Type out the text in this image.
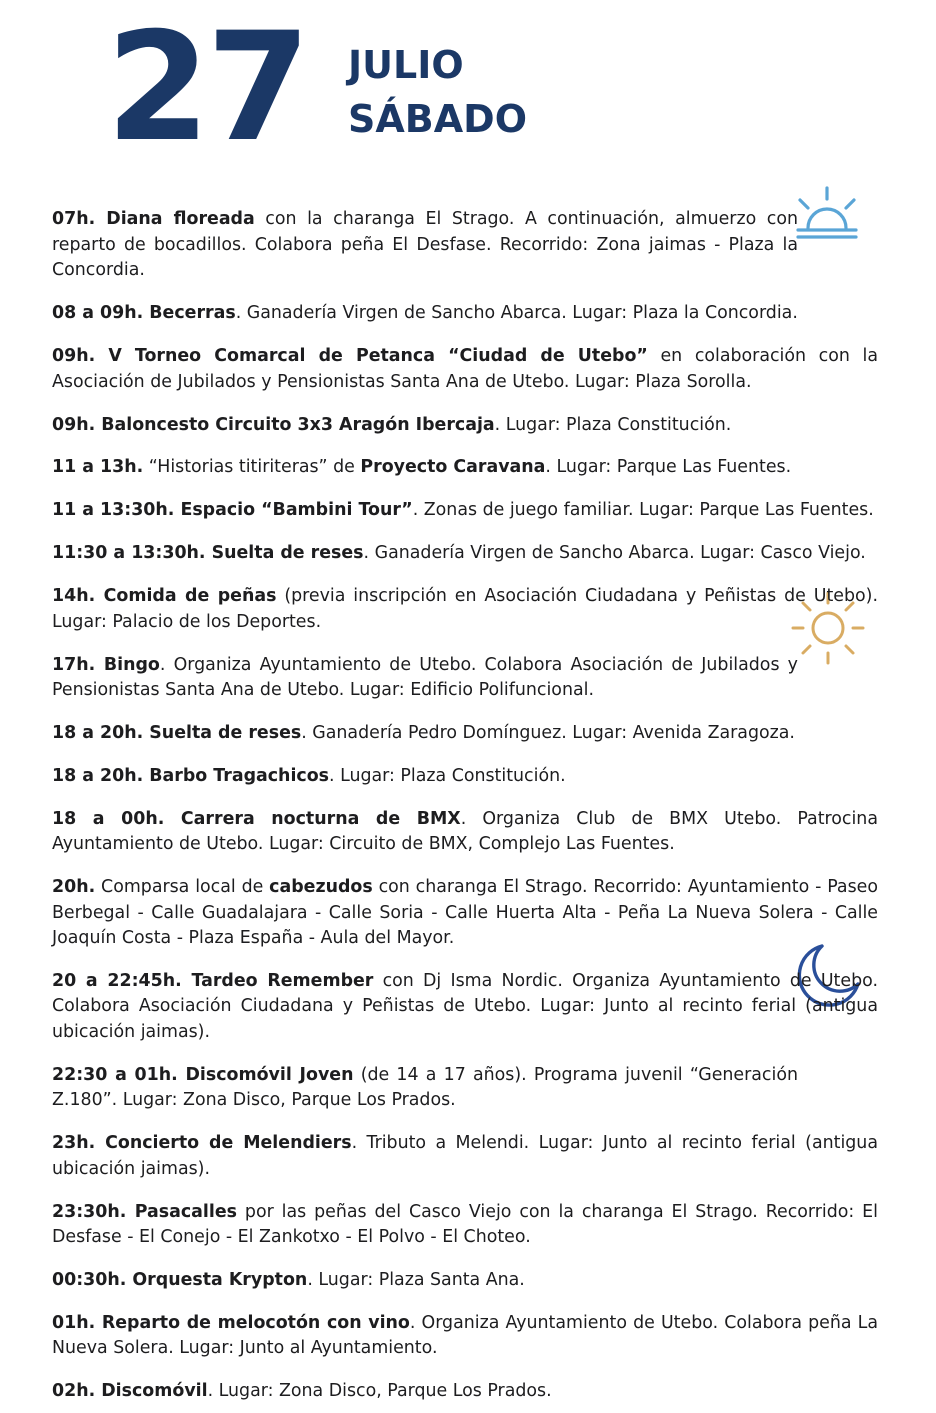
27 JULIO
SÁBADO

07h. Diana floreada con la charanga El Strago. A continuación, almuerzo con reparto de bocadillos. Colabora peña El Desfase. Recorrido: Zona jaimas - Plaza la Concordia.

08 a 09h. Becerras. Ganadería Virgen de Sancho Abarca. Lugar: Plaza la Concordia.

09h. V Torneo Comarcal de Petanca “Ciudad de Utebo” en colaboración con la Asociación de Jubilados y Pensionistas Santa Ana de Utebo. Lugar: Plaza Sorolla.

09h. Baloncesto Circuito 3x3 Aragón Ibercaja. Lugar: Plaza Constitución.

11 a 13h. “Historias titiriteras” de Proyecto Caravana. Lugar: Parque Las Fuentes.

11 a 13:30h. Espacio “Bambini Tour”. Zonas de juego familiar. Lugar: Parque Las Fuentes.

11:30 a 13:30h. Suelta de reses. Ganadería Virgen de Sancho Abarca. Lugar: Casco Viejo.

14h. Comida de peñas (previa inscripción en Asociación Ciudadana y Peñistas de Utebo). Lugar: Palacio de los Deportes.

17h. Bingo. Organiza Ayuntamiento de Utebo. Colabora Asociación de Jubilados y Pensionistas Santa Ana de Utebo. Lugar: Edificio Polifuncional.

18 a 20h. Suelta de reses. Ganadería Pedro Domínguez. Lugar: Avenida Zaragoza.

18 a 20h. Barbo Tragachicos. Lugar: Plaza Constitución.

18 a 00h. Carrera nocturna de BMX. Organiza Club de BMX Utebo. Patrocina Ayuntamiento de Utebo. Lugar: Circuito de BMX, Complejo Las Fuentes.

20h. Comparsa local de cabezudos con charanga El Strago. Recorrido: Ayuntamiento - Paseo Berbegal - Calle Guadalajara - Calle Soria - Calle Huerta Alta - Peña La Nueva Solera - Calle Joaquín Costa - Plaza España - Aula del Mayor.

20 a 22:45h. Tardeo Remember con Dj Isma Nordic. Organiza Ayuntamiento de Utebo. Colabora Asociación Ciudadana y Peñistas de Utebo. Lugar: Junto al recinto ferial (antigua ubicación jaimas).

22:30 a 01h. Discomóvil Joven (de 14 a 17 años). Programa juvenil “Generación Z.180”. Lugar: Zona Disco, Parque Los Prados.

23h. Concierto de Melendiers. Tributo a Melendi. Lugar: Junto al recinto ferial (antigua ubicación jaimas).

23:30h. Pasacalles por las peñas del Casco Viejo con la charanga El Strago. Recorrido: El Desfase - El Conejo - El Zankotxo - El Polvo - El Choteo.

00:30h. Orquesta Krypton. Lugar: Plaza Santa Ana.

01h. Reparto de melocotón con vino. Organiza Ayuntamiento de Utebo. Colabora peña La Nueva Solera. Lugar: Junto al Ayuntamiento.

02h. Discomóvil. Lugar: Zona Disco, Parque Los Prados.
